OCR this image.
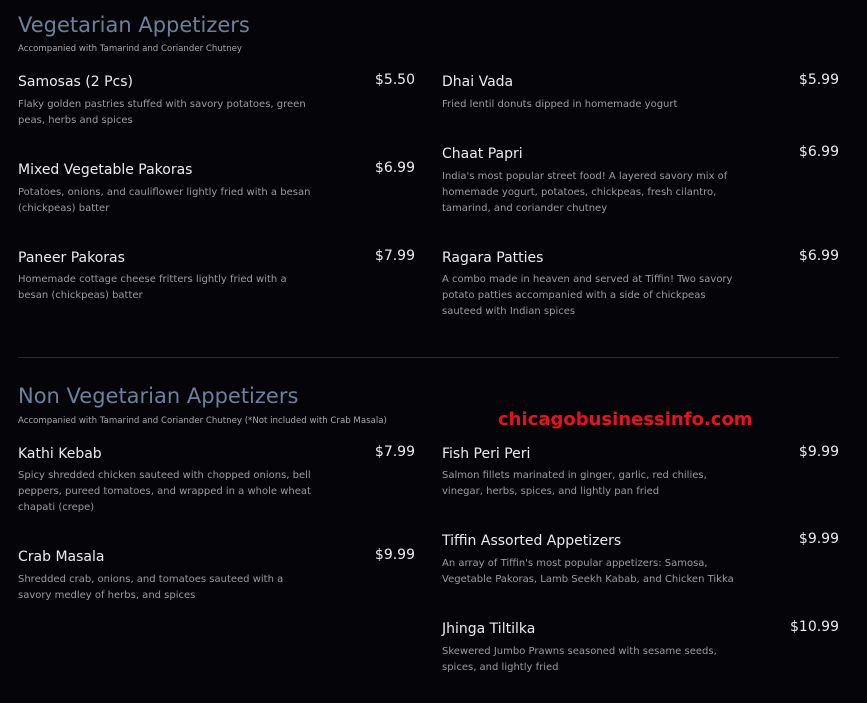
Vegetarian Appetizers
Accompanied with Tamarind and Coriander Chutney
Samosas (2 Pcs)	$5.50
Flaky golden pastries stuffed with savory potatoes, green peas, herbs and spices
Mixed Vegetable Pakoras	$6.99
Potatoes, onions, and cauliflower lightly fried with a besan (chickpeas) batter
Paneer Pakoras	$7.99
Homemade cottage cheese fritters lightly fried with a besan (chickpeas) batter
Dhai Vada	$5.99
Fried lentil donuts dipped in homemade yogurt
Chaat Papri	$6.99
India's most popular street food! A layered savory mix of homemade yogurt, potatoes, chickpeas, fresh cilantro, tamarind, and coriander chutney
Ragara Patties	$6.99
A combo made in heaven and served at Tiffin! Two savory potato patties accompanied with a side of chickpeas sauteed with Indian spices
Non Vegetarian Appetizers
Accompanied with Tamarind and Coriander Chutney (*Not included with Crab Masala)	chicagobusinessinfo.com
Kathi Kebab	$7.99
Spicy shredded chicken sauteed with chopped onions, bell peppers, pureed tomatoes, and wrapped in a whole wheat chapati (crepe)
Crab Masala	$9.99
Shredded crab, onions, and tomatoes sauteed with a savory medley of herbs, and spices
Fish Peri Peri	$9.99
Salmon fillets marinated in ginger, garlic, red chilies, vinegar, herbs, spices, and lightly pan fried
Tiffin Assorted Appetizers	$9.99
An array of Tiffin's most popular appetizers: Samosa, Vegetable Pakoras, Lamb Seekh Kabab, and Chicken Tikka
Jhinga Tiltilka	$10.99
Skewered Jumbo Prawns seasoned with sesame seeds, spices, and lightly fried
